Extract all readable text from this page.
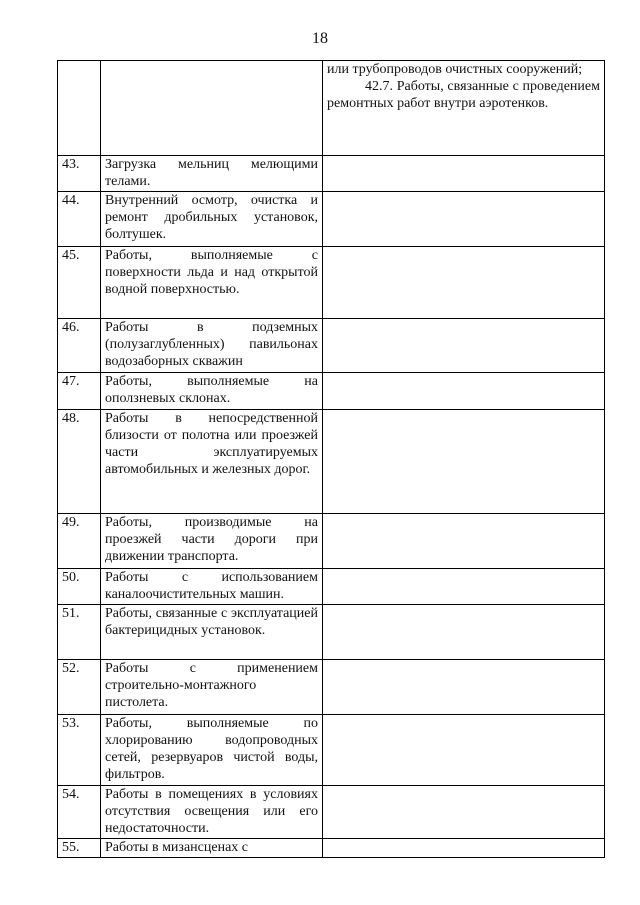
18

		или трубопроводов очистных сооружений;
42.7. Работы, связанные с проведением ремонтных работ внутри аэротенков.

43.	Загрузка мельниц мелющими телами.	
44.	Внутренний осмотр, очистка и ремонт дробильных установок, болтушек.	
45.	Работы, выполняемые с поверхности льда и над открытой водной поверхностью.	
46.	Работы в подземных (полузаглубленных) павильонах водозаборных скважин	
47.	Работы, выполняемые на оползневых склонах.	
48.	Работы в непосредственной близости от полотна или проезжей части эксплуатируемых автомобильных и железных дорог.	
49.	Работы, производимые на проезжей части дороги при движении транспорта.	
50.	Работы с использованием каналоочистительных машин.	
51.	Работы, связанные с эксплуатацией бактерицидных установок.	
52.	Работы с применением строительно-монтажного пистолета.	
53.	Работы, выполняемые по хлорированию водопроводных сетей, резервуаров чистой воды, фильтров.	
54.	Работы в помещениях в условиях отсутствия освещения или его недостаточности.	
55.	Работы в мизансценах с	
